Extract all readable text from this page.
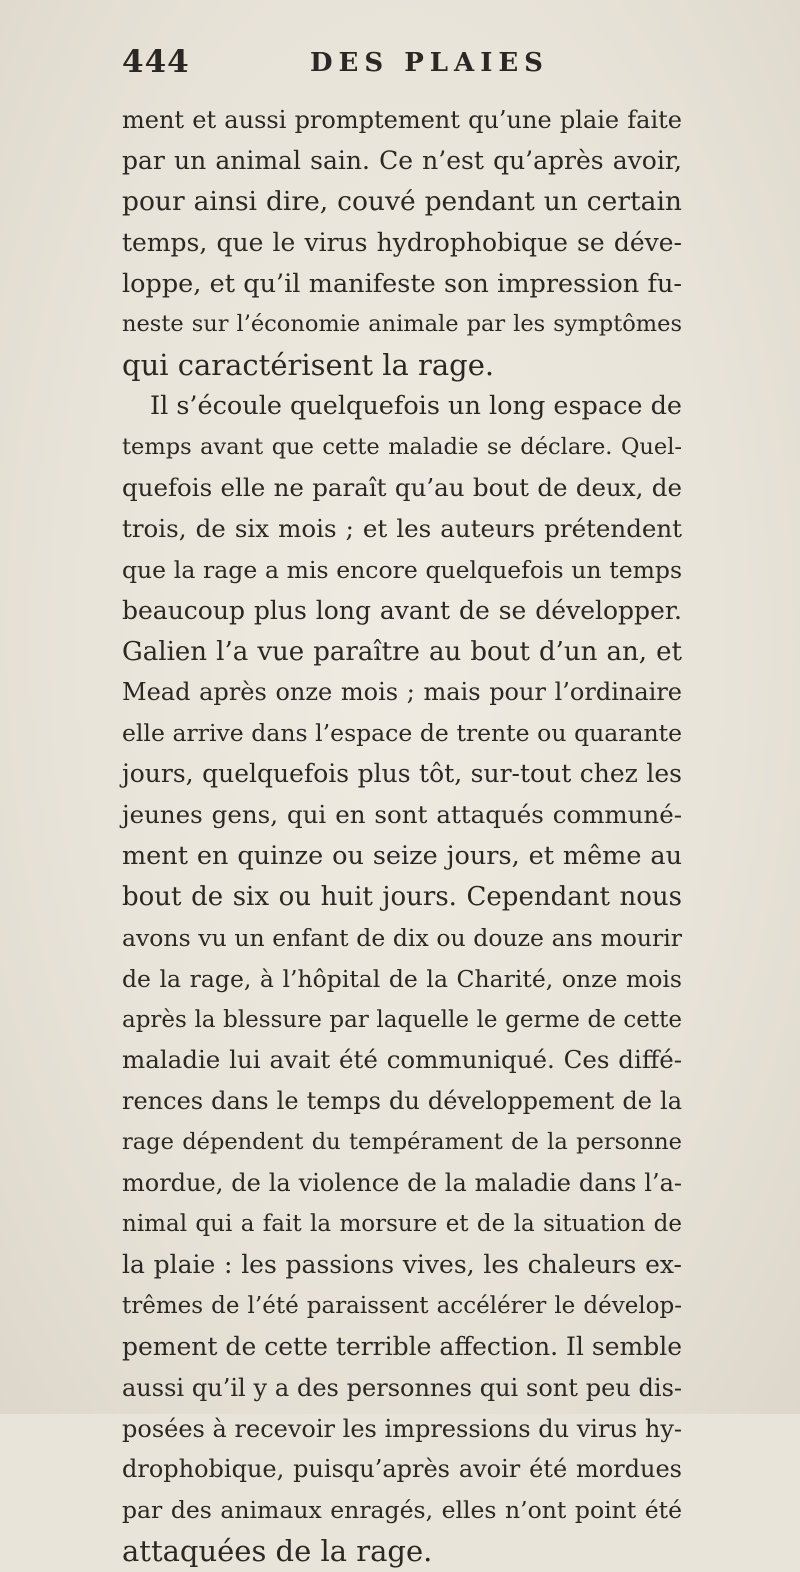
444	DES PLAIES
ment et aussi promptement qu’une plaie faite
par un animal sain. Ce n’est qu’après avoir,
pour ainsi dire, couvé pendant un certain
temps, que le virus hydrophobique se déve-
loppe, et qu’il manifeste son impression fu-
neste sur l’économie animale par les symptômes
qui caractérisent la rage.
Il s’écoule quelquefois un long espace de
temps avant que cette maladie se déclare. Quel-
quefois elle ne paraît qu’au bout de deux, de
trois, de six mois ; et les auteurs prétendent
que la rage a mis encore quelquefois un temps
beaucoup plus long avant de se développer.
Galien l’a vue paraître au bout d’un an, et
Mead après onze mois ; mais pour l’ordinaire
elle arrive dans l’espace de trente ou quarante
jours, quelquefois plus tôt, sur-tout chez les
jeunes gens, qui en sont attaqués communé-
ment en quinze ou seize jours, et même au
bout de six ou huit jours. Cependant nous
avons vu un enfant de dix ou douze ans mourir
de la rage, à l’hôpital de la Charité, onze mois
après la blessure par laquelle le germe de cette
maladie lui avait été communiqué. Ces diffé-
rences dans le temps du développement de la
rage dépendent du tempérament de la personne
mordue, de la violence de la maladie dans l’a-
nimal qui a fait la morsure et de la situation de
la plaie : les passions vives, les chaleurs ex-
trêmes de l’été paraissent accélérer le dévelop-
pement de cette terrible affection. Il semble
aussi qu’il y a des personnes qui sont peu dis-
posées à recevoir les impressions du virus hy-
drophobique, puisqu’après avoir été mordues
par des animaux enragés, elles n’ont point été
attaquées de la rage.
